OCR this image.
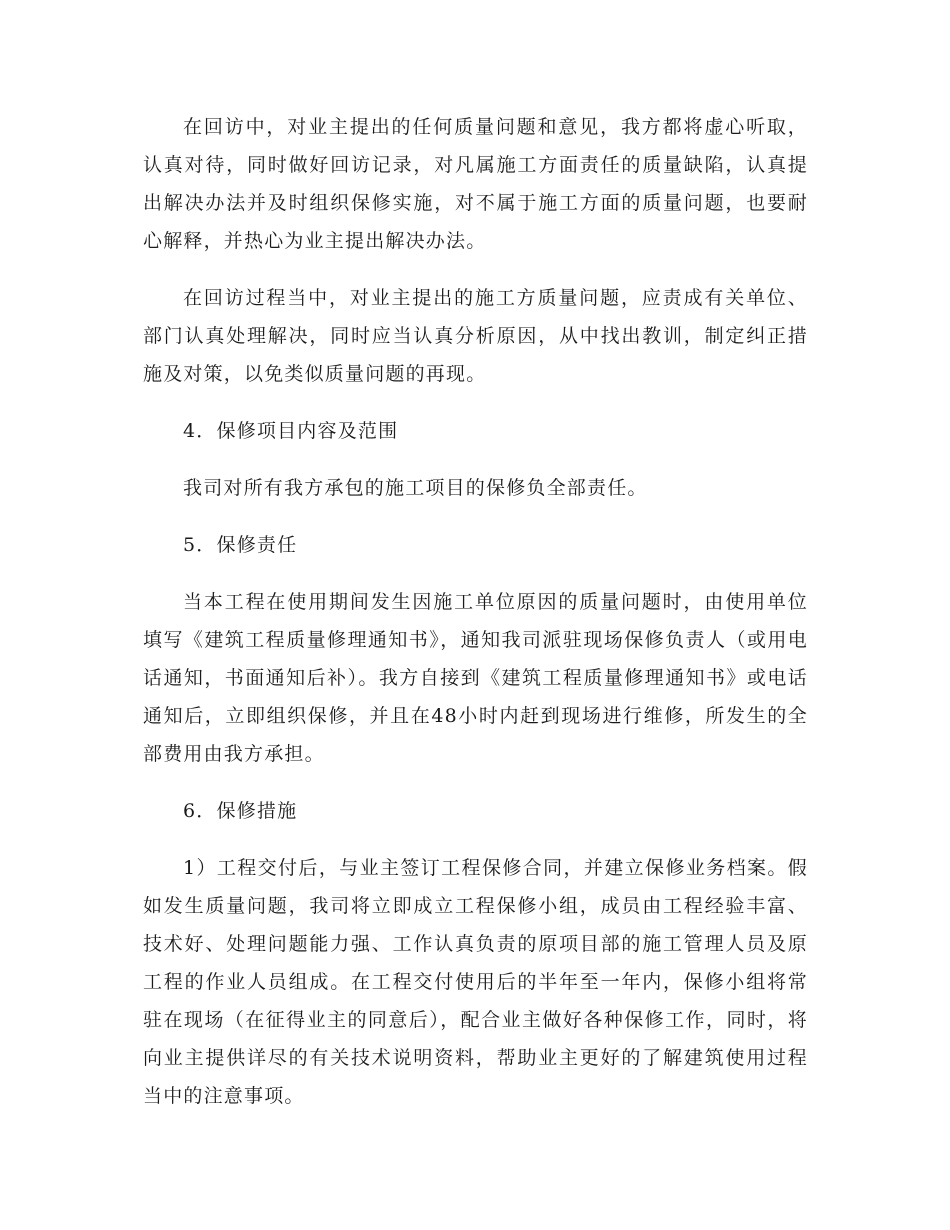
在回访中，对业主提出的任何质量问题和意见，我方都将虚心听取，认真对待，同时做好回访记录，对凡属施工方面责任的质量缺陷，认真提出解决办法并及时组织保修实施，对不属于施工方面的质量问题，也要耐心解释，并热心为业主提出解决办法。

在回访过程当中，对业主提出的施工方质量问题，应责成有关单位、部门认真处理解决，同时应当认真分析原因，从中找出教训，制定纠正措施及对策，以免类似质量问题的再现。

4．保修项目内容及范围

我司对所有我方承包的施工项目的保修负全部责任。

5．保修责任

当本工程在使用期间发生因施工单位原因的质量问题时，由使用单位填写《建筑工程质量修理通知书》，通知我司派驻现场保修负责人（或用电话通知，书面通知后补）。我方自接到《建筑工程质量修理通知书》或电话通知后，立即组织保修，并且在48小时内赶到现场进行维修，所发生的全部费用由我方承担。

6．保修措施

1）工程交付后，与业主签订工程保修合同，并建立保修业务档案。假如发生质量问题，我司将立即成立工程保修小组，成员由工程经验丰富、技术好、处理问题能力强、工作认真负责的原项目部的施工管理人员及原工程的作业人员组成。在工程交付使用后的半年至一年内，保修小组将常驻在现场（在征得业主的同意后），配合业主做好各种保修工作，同时，将向业主提供详尽的有关技术说明资料，帮助业主更好的了解建筑使用过程当中的注意事项。
